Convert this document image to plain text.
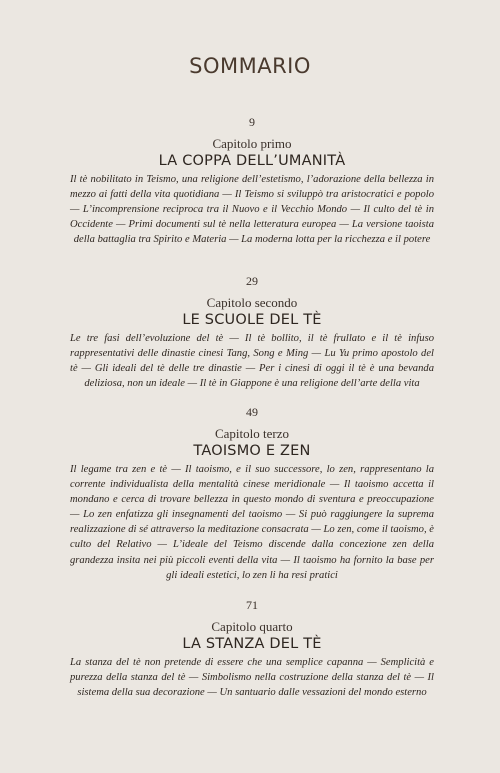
SOMMARIO
9
Capitolo primo
LA COPPA DELL’UMANITÀ
Il tè nobilitato in Teismo, una religione dell’estetismo, l’adorazione della bellezza in mezzo ai fatti della vita quotidiana — Il Teismo si sviluppò tra aristocratici e popolo — L’incomprensione reciproca tra il Nuovo e il Vecchio Mondo — Il culto del tè in Occidente — Primi documenti sul tè nella letteratura europea — La versione taoista della battaglia tra Spirito e Materia — La moderna lotta per la ricchezza e il potere
29
Capitolo secondo
LE SCUOLE DEL TÈ
Le tre fasi dell’evoluzione del tè — Il tè bollito, il tè frullato e il tè infuso rappresentativi delle dinastie cinesi Tang, Song e Ming — Lu Yu primo apostolo del tè — Gli ideali del tè delle tre dinastie — Per i cinesi di oggi il tè è una bevanda deliziosa, non un ideale — Il tè in Giappone è una religione dell’arte della vita
49
Capitolo terzo
TAOISMO E ZEN
Il legame tra zen e tè — Il taoismo, e il suo successore, lo zen, rappresentano la corrente individualista della mentalità cinese meridionale — Il taoismo accetta il mondano e cerca di trovare bellezza in questo mondo di sventura e preoccupazione — Lo zen enfatizza gli insegnamenti del taoismo — Si può raggiungere la suprema realizzazione di sé attraverso la meditazione consacrata — Lo zen, come il taoismo, è culto del Relativo — L’ideale del Teismo discende dalla concezione zen della grandezza insita nei più piccoli eventi della vita — Il taoismo ha fornito la base per gli ideali estetici, lo zen li ha resi pratici
71
Capitolo quarto
LA STANZA DEL TÈ
La stanza del tè non pretende di essere che una semplice capanna — Semplicità e purezza della stanza del tè — Simbolismo nella costruzione della stanza del tè — Il sistema della sua decorazione — Un santuario dalle vessazioni del mondo esterno
